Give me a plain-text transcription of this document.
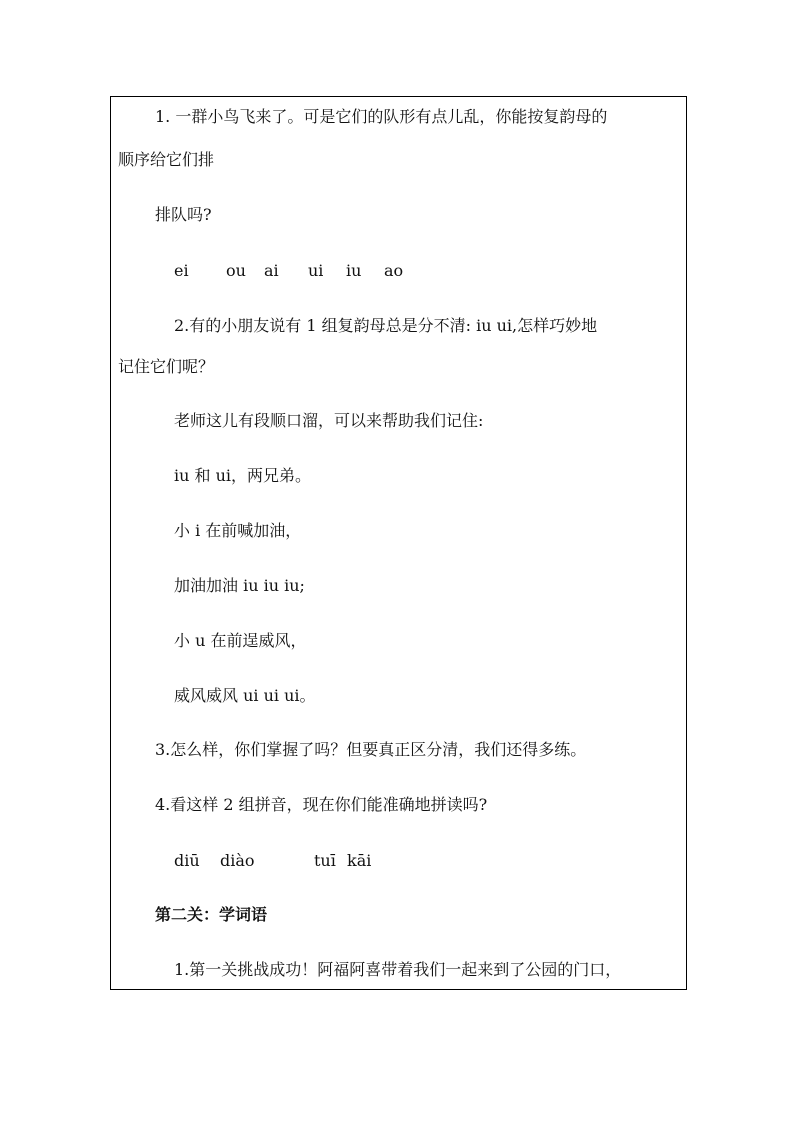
1. 一群小鸟飞来了。可是它们的队形有点儿乱，你能按复韵母的
顺序给它们排
排队吗?
ei ou ai ui iu ao
2.有的小朋友说有 1 组复韵母总是分不清: iu ui,怎样巧妙地
记住它们呢？
老师这儿有段顺口溜，可以来帮助我们记住:
iu 和 ui，两兄弟。
小 i 在前喊加油，
加油加油 iu iu iu;
小 u 在前逞威风，
威风威风 ui ui ui。
3.怎么样，你们掌握了吗？但要真正区分清，我们还得多练。
4.看这样 2 组拼音，现在你们能准确地拼读吗?
diū diào	tuī kāi
第二关：学词语
1.第一关挑战成功！阿福阿喜带着我们一起来到了公园的门口，
